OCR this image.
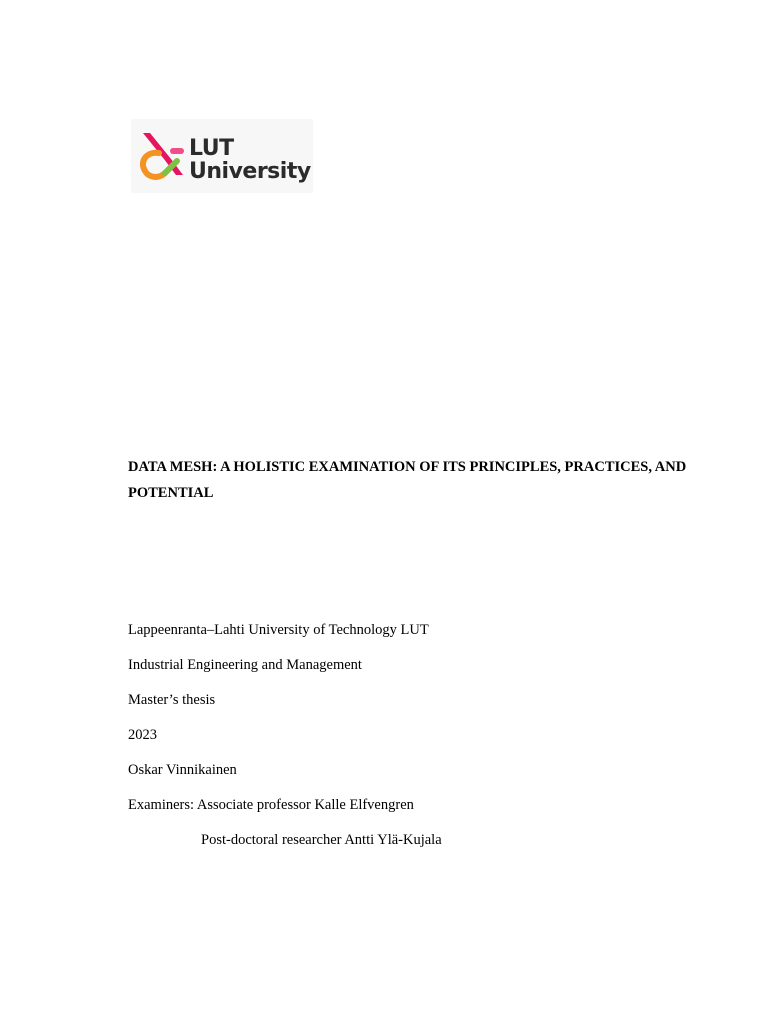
LUT
University
DATA MESH: A HOLISTIC EXAMINATION OF ITS PRINCIPLES, PRACTICES, AND POTENTIAL
Lappeenranta–Lahti University of Technology LUT
Industrial Engineering and Management
Master’s thesis
2023
Oskar Vinnikainen
Examiners: Associate professor Kalle Elfvengren
Post-doctoral researcher Antti Ylä-Kujala
